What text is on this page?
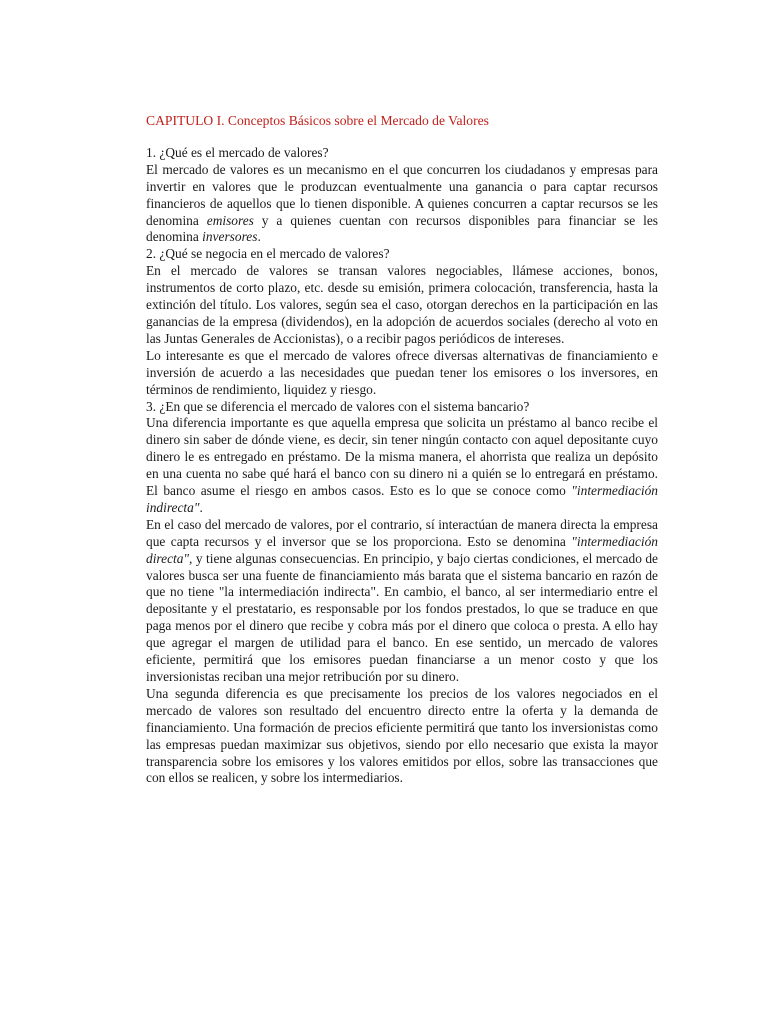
CAPITULO I. Conceptos Básicos sobre el Mercado de Valores
1. ¿Qué es el mercado de valores?

El mercado de valores es un mecanismo en el que concurren los ciudadanos y empresas para invertir en valores que le produzcan eventualmente una ganancia o para captar recursos financieros de aquellos que lo tienen disponible. A quienes concurren a captar recursos se les denomina emisores y a quienes cuentan con recursos disponibles para financiar se les denomina inversores.

2. ¿Qué se negocia en el mercado de valores?

En el mercado de valores se transan valores negociables, llámese acciones, bonos, instrumentos de corto plazo, etc. desde su emisión, primera colocación, transferencia, hasta la extinción del título. Los valores, según sea el caso, otorgan derechos en la participación en las ganancias de la empresa (dividendos), en la adopción de acuerdos sociales (derecho al voto en las Juntas Generales de Accionistas), o a recibir pagos periódicos de intereses.

Lo interesante es que el mercado de valores ofrece diversas alternativas de financiamiento e inversión de acuerdo a las necesidades que puedan tener los emisores o los inversores, en términos de rendimiento, liquidez y riesgo.

3. ¿En que se diferencia el mercado de valores con el sistema bancario?

Una diferencia importante es que aquella empresa que solicita un préstamo al banco recibe el dinero sin saber de dónde viene, es decir, sin tener ningún contacto con aquel depositante cuyo dinero le es entregado en préstamo. De la misma manera, el ahorrista que realiza un depósito en una cuenta no sabe qué hará el banco con su dinero ni a quién se lo entregará en préstamo. El banco asume el riesgo en ambos casos. Esto es lo que se conoce como "intermediación indirecta".

En el caso del mercado de valores, por el contrario, sí interactúan de manera directa la empresa que capta recursos y el inversor que se los proporciona. Esto se denomina "intermediación directa", y tiene algunas consecuencias. En principio, y bajo ciertas condiciones, el mercado de valores busca ser una fuente de financiamiento más barata que el sistema bancario en razón de que no tiene "la intermediación indirecta". En cambio, el banco, al ser intermediario entre el depositante y el prestatario, es responsable por los fondos prestados, lo que se traduce en que paga menos por el dinero que recibe y cobra más por el dinero que coloca o presta. A ello hay que agregar el margen de utilidad para el banco. En ese sentido, un mercado de valores eficiente, permitirá que los emisores puedan financiarse a un menor costo y que los inversionistas reciban una mejor retribución por su dinero.

Una segunda diferencia es que precisamente los precios de los valores negociados en el mercado de valores son resultado del encuentro directo entre la oferta y la demanda de financiamiento. Una formación de precios eficiente permitirá que tanto los inversionistas como las empresas puedan maximizar sus objetivos, siendo por ello necesario que exista la mayor transparencia sobre los emisores y los valores emitidos por ellos, sobre las transacciones que con ellos se realicen, y sobre los intermediarios.
